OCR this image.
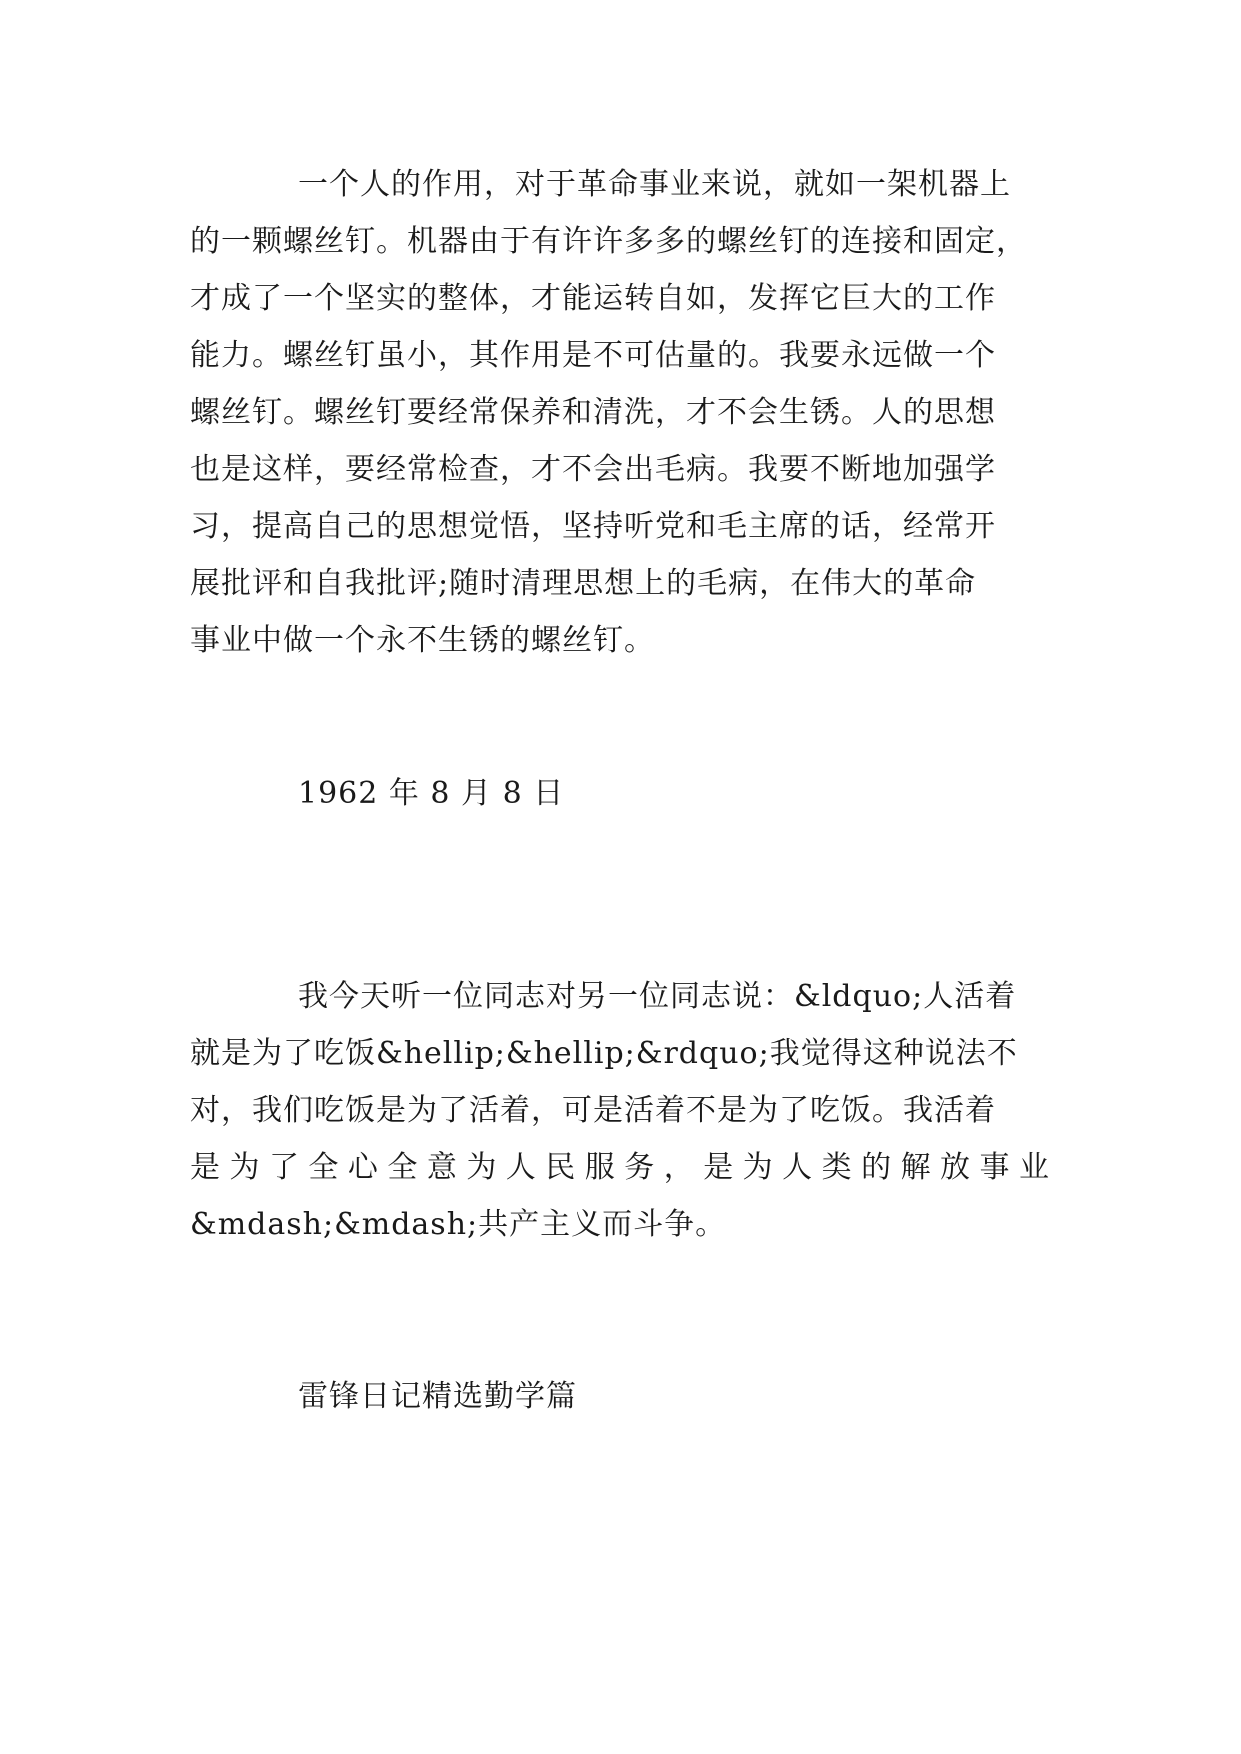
一个人的作用，对于革命事业来说，就如一架机器上
的一颗螺丝钉。机器由于有许许多多的螺丝钉的连接和固定，
才成了一个坚实的整体，才能运转自如，发挥它巨大的工作
能力。螺丝钉虽小，其作用是不可估量的。我要永远做一个
螺丝钉。螺丝钉要经常保养和清洗，才不会生锈。人的思想
也是这样，要经常检查，才不会出毛病。我要不断地加强学
习，提高自己的思想觉悟，坚持听党和毛主席的话，经常开
展批评和自我批评;随时清理思想上的毛病，在伟大的革命
事业中做一个永不生锈的螺丝钉。
1962 年 8 月 8 日
我今天听一位同志对另一位同志说：&ldquo;人活着
就是为了吃饭&hellip;&hellip;&rdquo;我觉得这种说法不
对，我们吃饭是为了活着，可是活着不是为了吃饭。我活着
是为了全心全意为人民服务，是为人类的解放事业
&mdash;&mdash;共产主义而斗争。
雷锋日记精选勤学篇
